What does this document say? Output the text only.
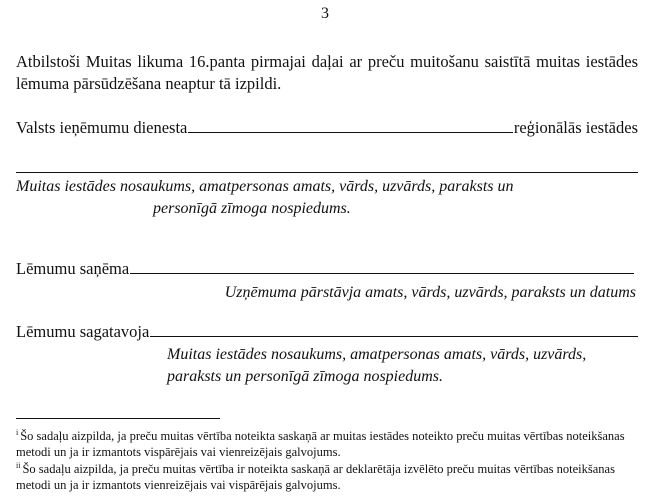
3

Atbilstoši Muitas likuma 16.panta pirmajai daļai ar preču muitošanu saistītā muitas iestādes lēmuma pārsūdzēšana neaptur tā izpildi.

Valsts ieņēmumu dienesta	reģionālās iestādes

Muitas iestādes nosaukums, amatpersonas amats, vārds, uzvārds, paraksts un
personīgā zīmoga nospiedums.

Lēmumu saņēma

Uzņēmuma pārstāvja amats, vārds, uzvārds, paraksts un datums

Lēmumu sagatavoja

Muitas iestādes nosaukums, amatpersonas amats, vārds, uzvārds,
paraksts un personīgā zīmoga nospiedums.

$^i$ Šo sadaļu aizpilda, ja preču muitas vērtība noteikta saskaņā ar muitas iestādes noteikto preču muitas vērtības noteikšanas metodi un ja ir izmantots vispārējais vai vienreizējais galvojums.

$^{ii}$ Šo sadaļu aizpilda, ja preču muitas vērtība ir noteikta saskaņā ar deklarētāja izvēlēto preču muitas vērtības noteikšanas metodi un ja ir izmantots vienreizējais vai vispārējais galvojums.
